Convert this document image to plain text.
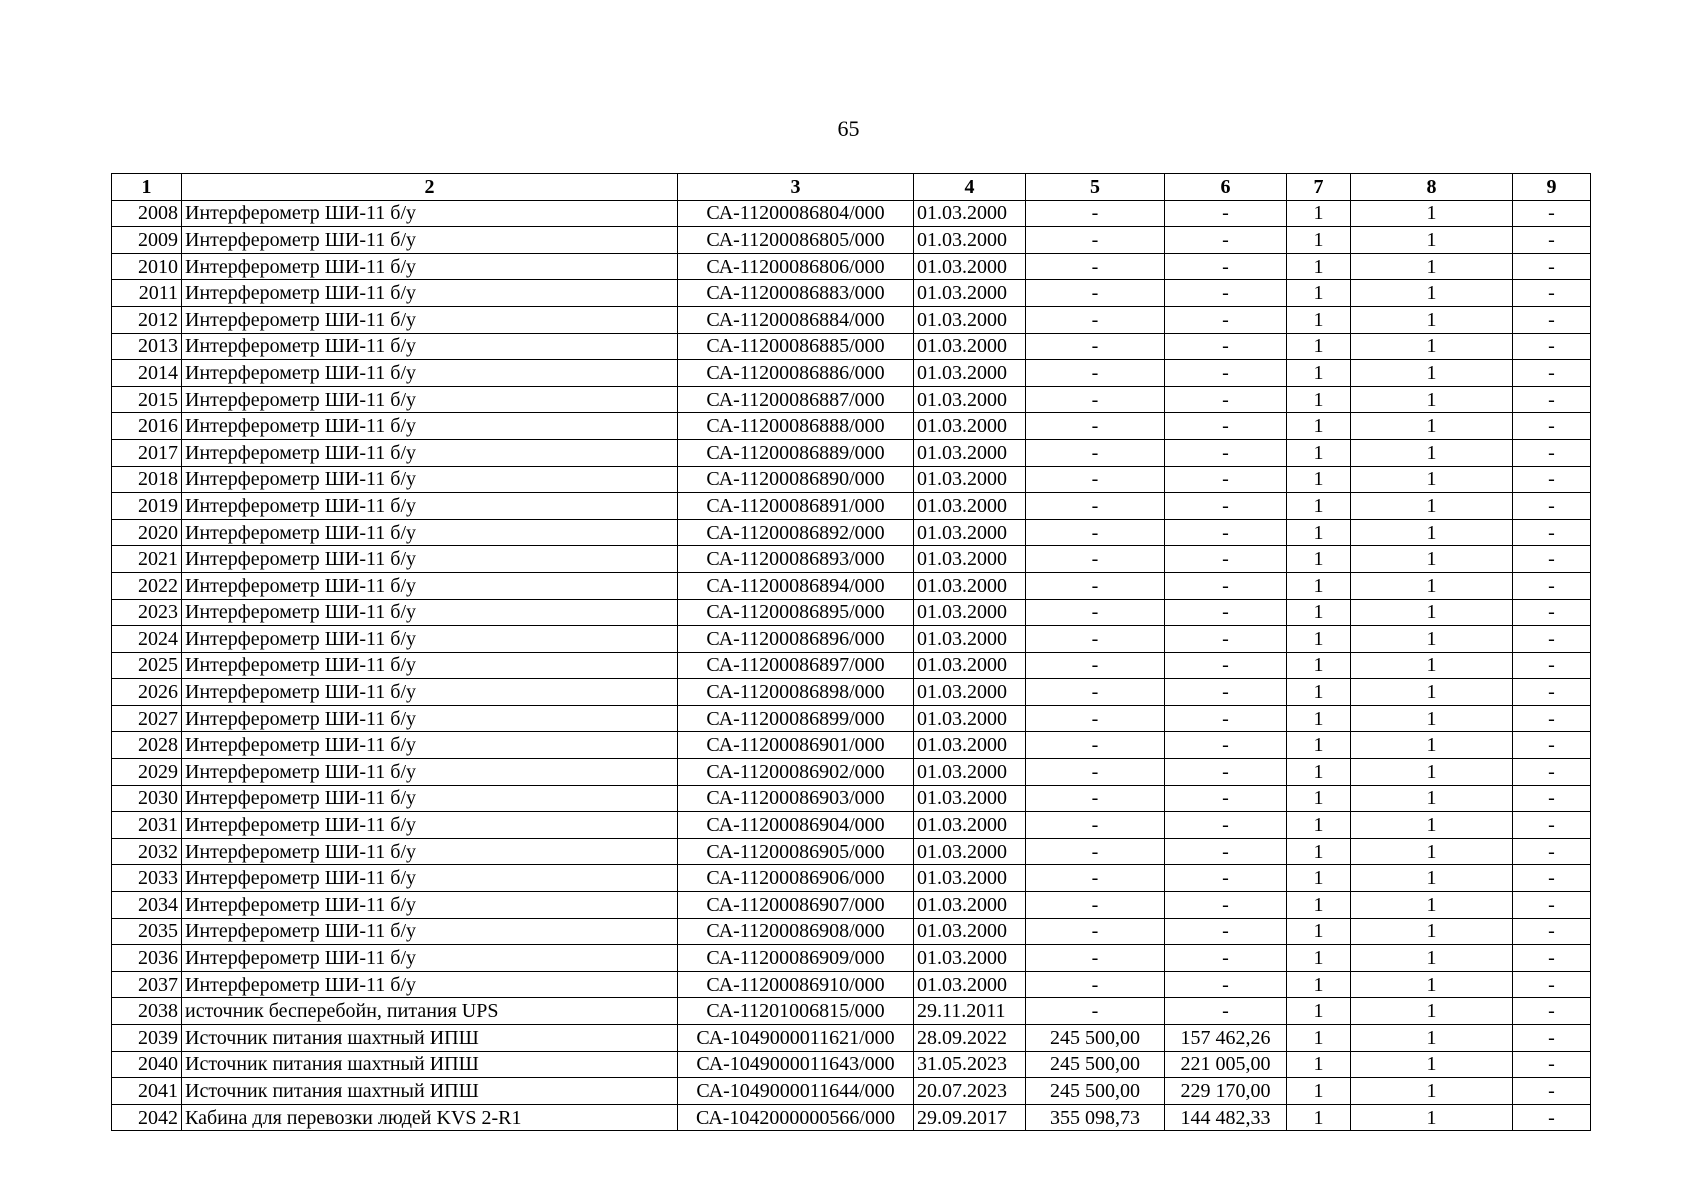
65
1	2	3	4	5	6	7	8	9
2008	Интерферометр ШИ-11 б/у	СА-11200086804/000	01.03.2000	-	-	1	1	-
2009	Интерферометр ШИ-11 б/у	СА-11200086805/000	01.03.2000	-	-	1	1	-
2010	Интерферометр ШИ-11 б/у	СА-11200086806/000	01.03.2000	-	-	1	1	-
2011	Интерферометр ШИ-11 б/у	СА-11200086883/000	01.03.2000	-	-	1	1	-
2012	Интерферометр ШИ-11 б/у	СА-11200086884/000	01.03.2000	-	-	1	1	-
2013	Интерферометр ШИ-11 б/у	СА-11200086885/000	01.03.2000	-	-	1	1	-
2014	Интерферометр ШИ-11 б/у	СА-11200086886/000	01.03.2000	-	-	1	1	-
2015	Интерферометр ШИ-11 б/у	СА-11200086887/000	01.03.2000	-	-	1	1	-
2016	Интерферометр ШИ-11 б/у	СА-11200086888/000	01.03.2000	-	-	1	1	-
2017	Интерферометр ШИ-11 б/у	СА-11200086889/000	01.03.2000	-	-	1	1	-
2018	Интерферометр ШИ-11 б/у	СА-11200086890/000	01.03.2000	-	-	1	1	-
2019	Интерферометр ШИ-11 б/у	СА-11200086891/000	01.03.2000	-	-	1	1	-
2020	Интерферометр ШИ-11 б/у	СА-11200086892/000	01.03.2000	-	-	1	1	-
2021	Интерферометр ШИ-11 б/у	СА-11200086893/000	01.03.2000	-	-	1	1	-
2022	Интерферометр ШИ-11 б/у	СА-11200086894/000	01.03.2000	-	-	1	1	-
2023	Интерферометр ШИ-11 б/у	СА-11200086895/000	01.03.2000	-	-	1	1	-
2024	Интерферометр ШИ-11 б/у	СА-11200086896/000	01.03.2000	-	-	1	1	-
2025	Интерферометр ШИ-11 б/у	СА-11200086897/000	01.03.2000	-	-	1	1	-
2026	Интерферометр ШИ-11 б/у	СА-11200086898/000	01.03.2000	-	-	1	1	-
2027	Интерферометр ШИ-11 б/у	СА-11200086899/000	01.03.2000	-	-	1	1	-
2028	Интерферометр ШИ-11 б/у	СА-11200086901/000	01.03.2000	-	-	1	1	-
2029	Интерферометр ШИ-11 б/у	СА-11200086902/000	01.03.2000	-	-	1	1	-
2030	Интерферометр ШИ-11 б/у	СА-11200086903/000	01.03.2000	-	-	1	1	-
2031	Интерферометр ШИ-11 б/у	СА-11200086904/000	01.03.2000	-	-	1	1	-
2032	Интерферометр ШИ-11 б/у	СА-11200086905/000	01.03.2000	-	-	1	1	-
2033	Интерферометр ШИ-11 б/у	СА-11200086906/000	01.03.2000	-	-	1	1	-
2034	Интерферометр ШИ-11 б/у	СА-11200086907/000	01.03.2000	-	-	1	1	-
2035	Интерферометр ШИ-11 б/у	СА-11200086908/000	01.03.2000	-	-	1	1	-
2036	Интерферометр ШИ-11 б/у	СА-11200086909/000	01.03.2000	-	-	1	1	-
2037	Интерферометр ШИ-11 б/у	СА-11200086910/000	01.03.2000	-	-	1	1	-
2038	источник бесперебойн, питания UPS	СА-11201006815/000	29.11.2011	-	-	1	1	-
2039	Источник питания шахтный ИПШ	СА-1049000011621/000	28.09.2022	245 500,00	157 462,26	1	1	-
2040	Источник питания шахтный ИПШ	СА-1049000011643/000	31.05.2023	245 500,00	221 005,00	1	1	-
2041	Источник питания шахтный ИПШ	СА-1049000011644/000	20.07.2023	245 500,00	229 170,00	1	1	-
2042	Кабина для перевозки людей KVS 2-R1	СА-1042000000566/000	29.09.2017	355 098,73	144 482,33	1	1	-
